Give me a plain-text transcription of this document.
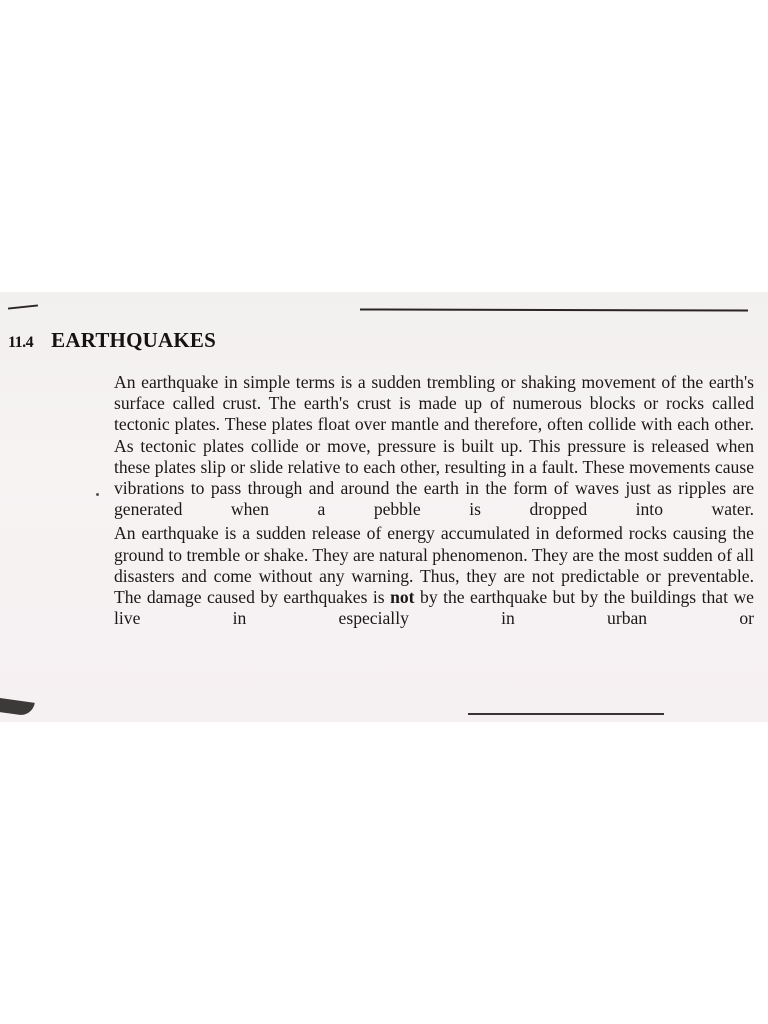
11.4 EARTHQUAKES

An earthquake in simple terms is a sudden trembling or shaking movement of the earth's surface called crust. The earth's crust is made up of numerous blocks or rocks called tectonic plates. These plates float over mantle and therefore, often collide with each other. As tectonic plates collide or move, pressure is built up. This pressure is released when these plates slip or slide relative to each other, resulting in a fault. These movements cause vibrations to pass through and around the earth in the form of waves just as ripples are generated when a pebble is dropped into water.

An earthquake is a sudden release of energy accumulated in deformed rocks causing the ground to tremble or shake. They are natural phenomenon. They are the most sudden of all disasters and come without any warning. Thus, they are not predictable or preventable. The damage caused by earthquakes is not by the earthquake but by the buildings that we live in especially in urban or
